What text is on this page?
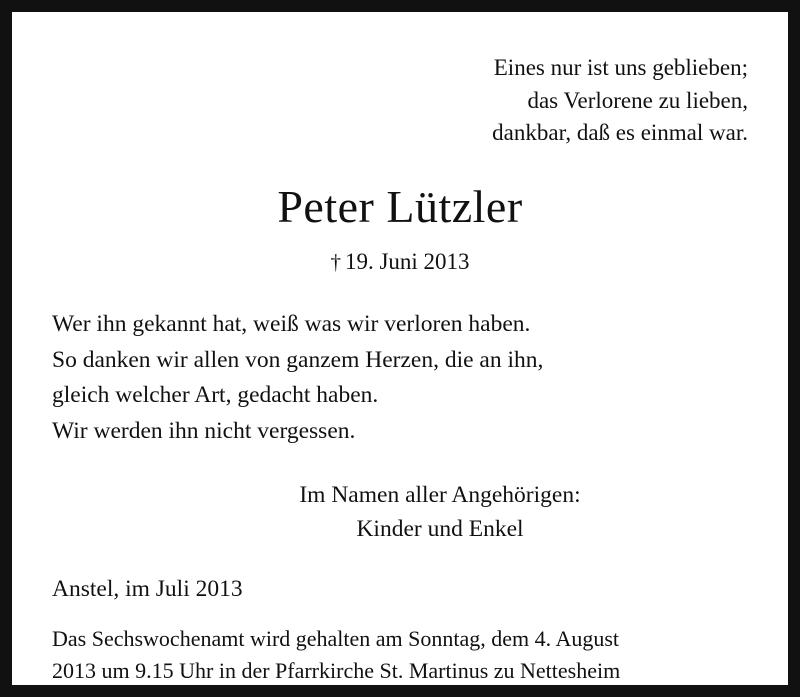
Eines nur ist uns geblieben;
das Verlorene zu lieben,
dankbar, daß es einmal war.
Peter Lützler
† 19. Juni 2013
Wer ihn gekannt hat, weiß was wir verloren haben.
So danken wir allen von ganzem Herzen, die an ihn,
gleich welcher Art, gedacht haben.
Wir werden ihn nicht vergessen.
Im Namen aller Angehörigen:
Kinder und Enkel
Anstel, im Juli 2013
Das Sechswochenamt wird gehalten am Sonntag, dem 4. August
2013 um 9.15 Uhr in der Pfarrkirche St. Martinus zu Nettesheim
